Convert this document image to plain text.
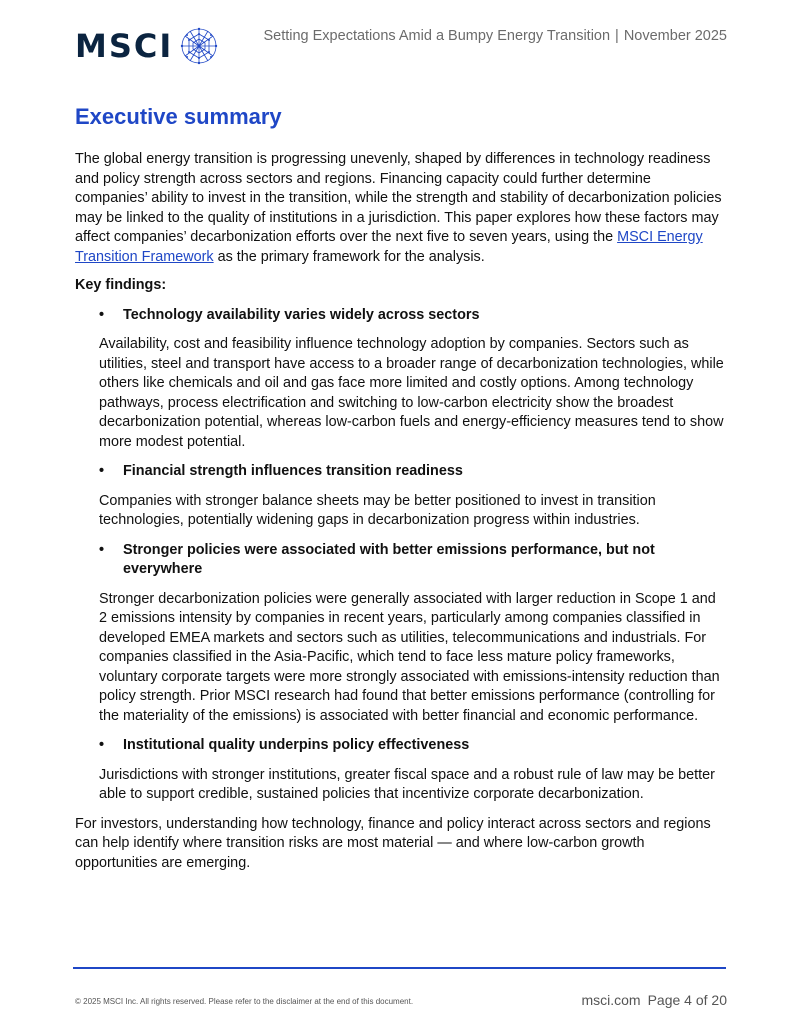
MSCI	Setting Expectations Amid a Bumpy Energy Transition | November 2025
Executive summary

The global energy transition is progressing unevenly, shaped by differences in technology readiness and policy strength across sectors and regions. Financing capacity could further determine companies’ ability to invest in the transition, while the strength and stability of decarbonization policies may be linked to the quality of institutions in a jurisdiction. This paper explores how these factors may affect companies’ decarbonization efforts over the next five to seven years, using the MSCI Energy Transition Framework as the primary framework for the analysis.

Key findings:

•	Technology availability varies widely across sectors

Availability, cost and feasibility influence technology adoption by companies. Sectors such as utilities, steel and transport have access to a broader range of decarbonization technologies, while others like chemicals and oil and gas face more limited and costly options. Among technology pathways, process electrification and switching to low-carbon electricity show the broadest decarbonization potential, whereas low-carbon fuels and energy-efficiency measures tend to show more modest potential.

•	Financial strength influences transition readiness

Companies with stronger balance sheets may be better positioned to invest in transition technologies, potentially widening gaps in decarbonization progress within industries.

•	Stronger policies were associated with better emissions performance, but not everywhere

Stronger decarbonization policies were generally associated with larger reduction in Scope 1 and 2 emissions intensity by companies in recent years, particularly among companies classified in developed EMEA markets and sectors such as utilities, telecommunications and industrials. For companies classified in the Asia-Pacific, which tend to face less mature policy frameworks, voluntary corporate targets were more strongly associated with emissions-intensity reduction than policy strength. Prior MSCI research had found that better emissions performance (controlling for the materiality of the emissions) is associated with better financial and economic performance.

•	Institutional quality underpins policy effectiveness

Jurisdictions with stronger institutions, greater fiscal space and a robust rule of law may be better able to support credible, sustained policies that incentivize corporate decarbonization.

For investors, understanding how technology, finance and policy interact across sectors and regions can help identify where transition risks are most material — and where low-carbon growth opportunities are emerging.

© 2025 MSCI Inc. All rights reserved. Please refer to the disclaimer at the end of this document.	msci.com Page 4 of 20
